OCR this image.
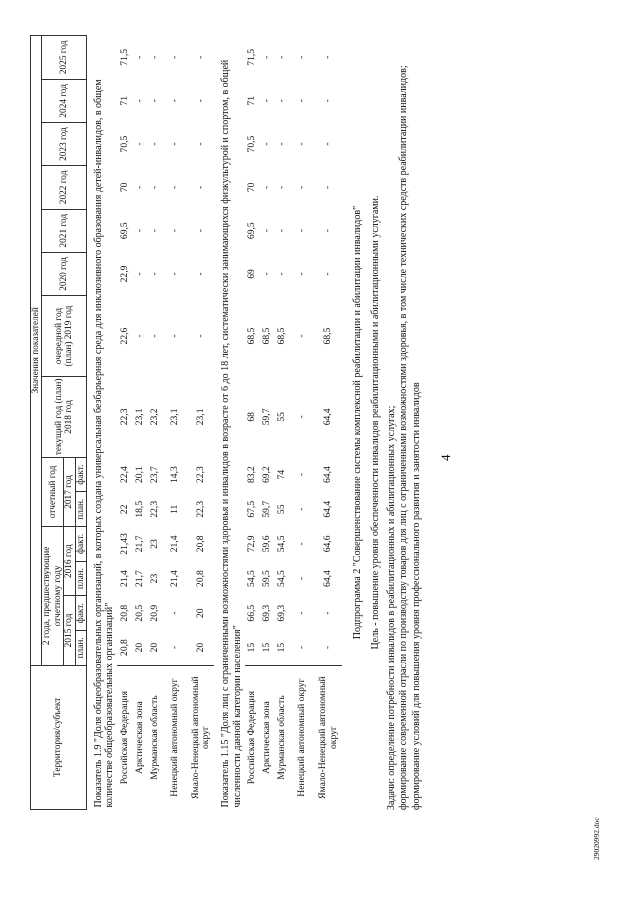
4
Территория/субъект	Значения показателей													
	2 года, предшествующие отчетному году				отчетный год		текущий год (план) 2018 год	очередной год (план) 2019 год	2020 год	2021 год	2022 год	2023 год	2024 год	2025 год
	2015 год		2016 год		2017 год									
	план.	факт.	план.	факт.	план.	факт.								
Показатель 1.9 "Доля общеобразовательных организаций, в которых создана универсальная безбарьерная среда для инклюзивного образования детей-инвалидов, в общем количестве общеобразовательных организаций"														
Российская Федерация	20,8	20,8	21,4	21,43	22	22,4	22,3	22,6	22,9	69,5	70	70,5	71	71,5
Арктическая зона	20	20,5	21,7	21,7	18,5	20,1	23,1	-	-	-	-	-	-	-
Мурманская область	20	20,9	23	23	22,3	23,7	23,2	-	-	-	-	-	-	-
Ненецкий автономный округ	-	-	21,4	21,4	11	14,3	23,1	-	-	-	-	-	-	-
Ямало-Ненецкий автономный округ	20	20	20,8	20,8	22,3	22,3	23,1	-	-	-	-	-	-	-
Показатель 1.15 "Доля лиц с ограниченными возможностями здоровья и инвалидов в возрасте от 6 до 18 лет, систематически занимающихся физкультурой и спортом, в общей численности данной категории населения"														
Российская Федерация	15	66,5	54,5	72,9	67,5	83,2	68	68,5	69	69,5	70	70,5	71	71,5
Арктическая зона	15	69,3	59,5	59,6	59,7	69,2	59,7	68,5	-	-	-	-	-	-
Мурманская область	15	69,3	54,5	54,5	55	74	55	68,5	-	-	-	-	-	-
Ненецкий автономный округ	-	-	-	-	-	-	-	-	-	-	-	-	-	-
Ямало-Ненецкий автономный округ	-	-	64,4	64,6	64,4	64,4	64,4	68,5	-	-	-	-	-	-
Подпрограмма 2 "Совершенствование системы комплексной реабилитации и абилитации инвалидов" Цель - повышение уровня обеспеченности инвалидов реабилитационными и абилитационными услугами. Задачи: определение потребности инвалидов в реабилитационных и абилитационных услугах; формирование современной отрасли по производству товаров для лиц с ограниченными возможностями здоровья, в том числе технических средств реабилитации инвалидов; формирование условий для повышения уровня профессионального развития и занятости инвалидов
29020992.doc
